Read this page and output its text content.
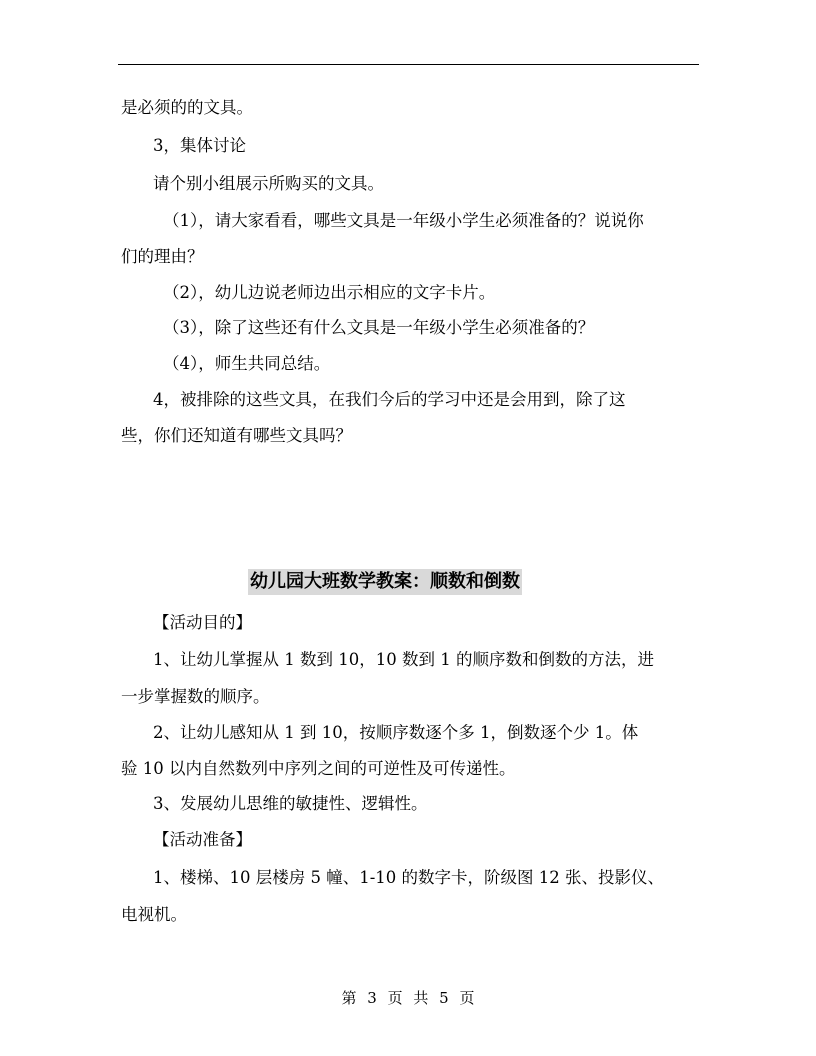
是必须的的文具。
3，集体讨论
请个别小组展示所购买的文具。
（1），请大家看看，哪些文具是一年级小学生必须准备的？说说你
们的理由？
（2），幼儿边说老师边出示相应的文字卡片。
（3），除了这些还有什么文具是一年级小学生必须准备的？
（4），师生共同总结。
4，被排除的这些文具，在我们今后的学习中还是会用到，除了这
些，你们还知道有哪些文具吗？
幼儿园大班数学教案：顺数和倒数
【活动目的】
1、让幼儿掌握从 1 数到 10，10 数到 1 的顺序数和倒数的方法，进
一步掌握数的顺序。
2、让幼儿感知从 1 到 10，按顺序数逐个多 1，倒数逐个少 1。体
验 10 以内自然数列中序列之间的可逆性及可传递性。
3、发展幼儿思维的敏捷性、逻辑性。
【活动准备】
1、楼梯、10 层楼房 5 幢、1-10 的数字卡，阶级图 12 张、投影仪、
电视机。
第 3 页 共 5 页
